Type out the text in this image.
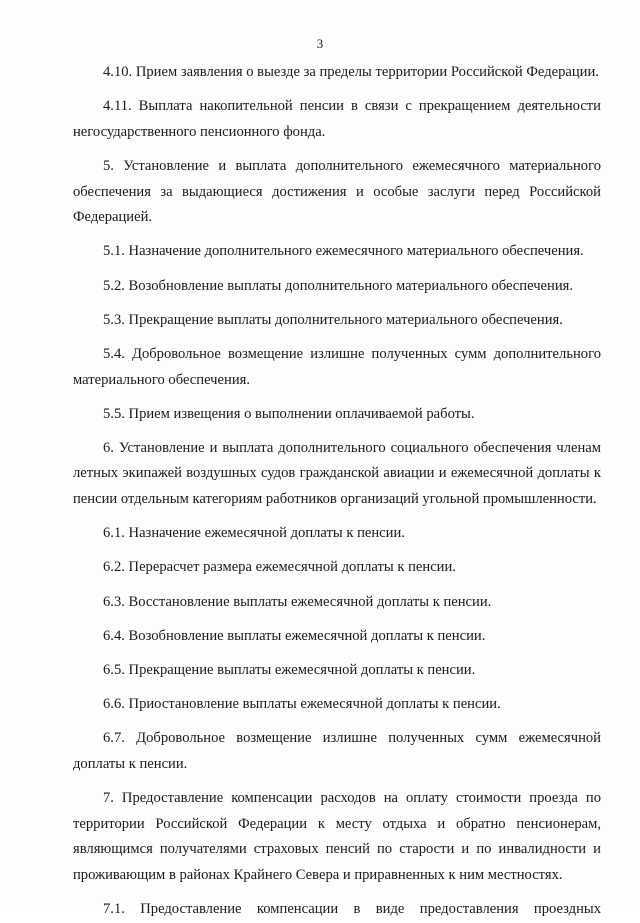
3

4.10. Прием заявления о выезде за пределы территории Российской Федерации.

4.11. Выплата накопительной пенсии в связи с прекращением деятельности негосударственного пенсионного фонда.

5. Установление и выплата дополнительного ежемесячного материального обеспечения за выдающиеся достижения и особые заслуги перед Российской Федерацией.

5.1. Назначение дополнительного ежемесячного материального обеспечения.

5.2. Возобновление выплаты дополнительного материального обеспечения.

5.3. Прекращение выплаты дополнительного материального обеспечения.

5.4. Добровольное возмещение излишне полученных сумм дополнительного материального обеспечения.

5.5. Прием извещения о выполнении оплачиваемой работы.

6. Установление и выплата дополнительного социального обеспечения членам летных экипажей воздушных судов гражданской авиации и ежемесячной доплаты к пенсии отдельным категориям работников организаций угольной промышленности.

6.1. Назначение ежемесячной доплаты к пенсии.

6.2. Перерасчет размера ежемесячной доплаты к пенсии.

6.3. Восстановление выплаты ежемесячной доплаты к пенсии.

6.4. Возобновление выплаты ежемесячной доплаты к пенсии.

6.5. Прекращение выплаты ежемесячной доплаты к пенсии.

6.6. Приостановление выплаты ежемесячной доплаты к пенсии.

6.7. Добровольное возмещение излишне полученных сумм ежемесячной доплаты к пенсии.

7. Предоставление компенсации расходов на оплату стоимости проезда по территории Российской Федерации к месту отдыха и обратно пенсионерам, являющимся получателями страховых пенсий по старости и по инвалидности и проживающим в районах Крайнего Севера и приравненных к ним местностях.

7.1. Предоставление компенсации в виде предоставления проездных
